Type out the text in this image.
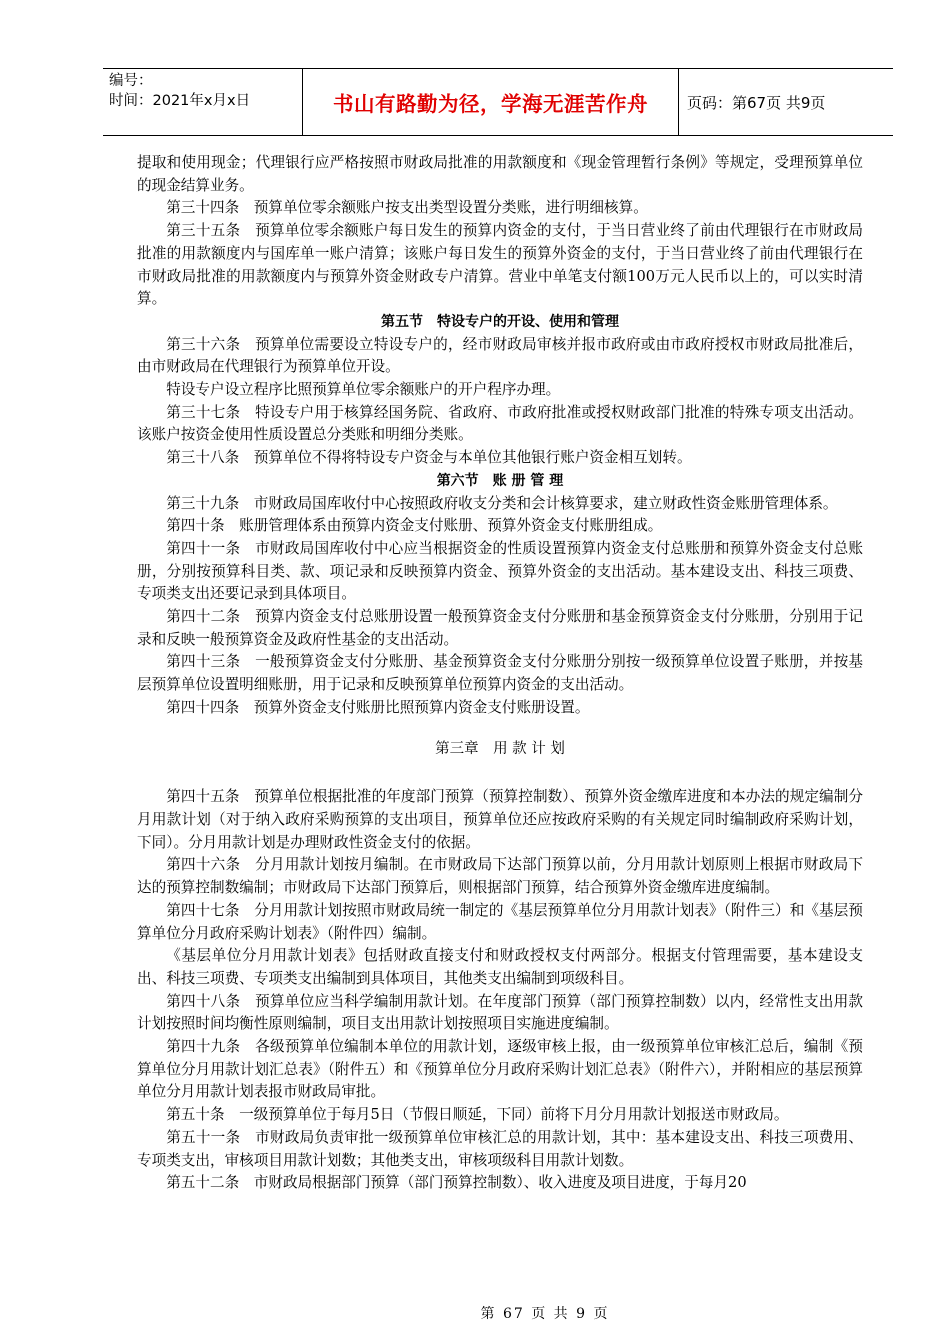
编号：
时间：2021年x月x日	书山有路勤为径，学海无涯苦作舟	页码：第67页 共9页

提取和使用现金；代理银行应严格按照市财政局批准的用款额度和《现金管理暂行条例》等规定，受理预算单位的现金结算业务。

第三十四条　预算单位零余额账户按支出类型设置分类账，进行明细核算。

第三十五条　预算单位零余额账户每日发生的预算内资金的支付，于当日营业终了前由代理银行在市财政局批准的用款额度内与国库单一账户清算；该账户每日发生的预算外资金的支付，于当日营业终了前由代理银行在市财政局批准的用款额度内与预算外资金财政专户清算。营业中单笔支付额100万元人民币以上的，可以实时清算。

第五节　特设专户的开设、使用和管理

第三十六条　预算单位需要设立特设专户的，经市财政局审核并报市政府或由市政府授权市财政局批准后，由市财政局在代理银行为预算单位开设。

特设专户设立程序比照预算单位零余额账户的开户程序办理。

第三十七条　特设专户用于核算经国务院、省政府、市政府批准或授权财政部门批准的特殊专项支出活动。该账户按资金使用性质设置总分类账和明细分类账。

第三十八条　预算单位不得将特设专户资金与本单位其他银行账户资金相互划转。

第六节　账 册 管 理

第三十九条　市财政局国库收付中心按照政府收支分类和会计核算要求，建立财政性资金账册管理体系。

第四十条　账册管理体系由预算内资金支付账册、预算外资金支付账册组成。

第四十一条　市财政局国库收付中心应当根据资金的性质设置预算内资金支付总账册和预算外资金支付总账册，分别按预算科目类、款、项记录和反映预算内资金、预算外资金的支出活动。基本建设支出、科技三项费、专项类支出还要记录到具体项目。

第四十二条　预算内资金支付总账册设置一般预算资金支付分账册和基金预算资金支付分账册，分别用于记录和反映一般预算资金及政府性基金的支出活动。

第四十三条　一般预算资金支付分账册、基金预算资金支付分账册分别按一级预算单位设置子账册，并按基层预算单位设置明细账册，用于记录和反映预算单位预算内资金的支出活动。

第四十四条　预算外资金支付账册比照预算内资金支付账册设置。

第三章　用 款 计 划

第四十五条　预算单位根据批准的年度部门预算（预算控制数）、预算外资金缴库进度和本办法的规定编制分月用款计划（对于纳入政府采购预算的支出项目，预算单位还应按政府采购的有关规定同时编制政府采购计划，下同）。分月用款计划是办理财政性资金支付的依据。

第四十六条　分月用款计划按月编制。在市财政局下达部门预算以前，分月用款计划原则上根据市财政局下达的预算控制数编制；市财政局下达部门预算后，则根据部门预算，结合预算外资金缴库进度编制。

第四十七条　分月用款计划按照市财政局统一制定的《基层预算单位分月用款计划表》（附件三）和《基层预算单位分月政府采购计划表》（附件四）编制。

《基层单位分月用款计划表》包括财政直接支付和财政授权支付两部分。根据支付管理需要，基本建设支出、科技三项费、专项类支出编制到具体项目，其他类支出编制到项级科目。

第四十八条　预算单位应当科学编制用款计划。在年度部门预算（部门预算控制数）以内，经常性支出用款计划按照时间均衡性原则编制，项目支出用款计划按照项目实施进度编制。

第四十九条　各级预算单位编制本单位的用款计划，逐级审核上报，由一级预算单位审核汇总后，编制《预算单位分月用款计划汇总表》（附件五）和《预算单位分月政府采购计划汇总表》（附件六），并附相应的基层预算单位分月用款计划表报市财政局审批。

第五十条　一级预算单位于每月5日（节假日顺延，下同）前将下月分月用款计划报送市财政局。

第五十一条　市财政局负责审批一级预算单位审核汇总的用款计划，其中：基本建设支出、科技三项费用、专项类支出，审核项目用款计划数；其他类支出，审核项级科目用款计划数。

第五十二条　市财政局根据部门预算（部门预算控制数）、收入进度及项目进度，于每月20

第 67 页 共 9 页
